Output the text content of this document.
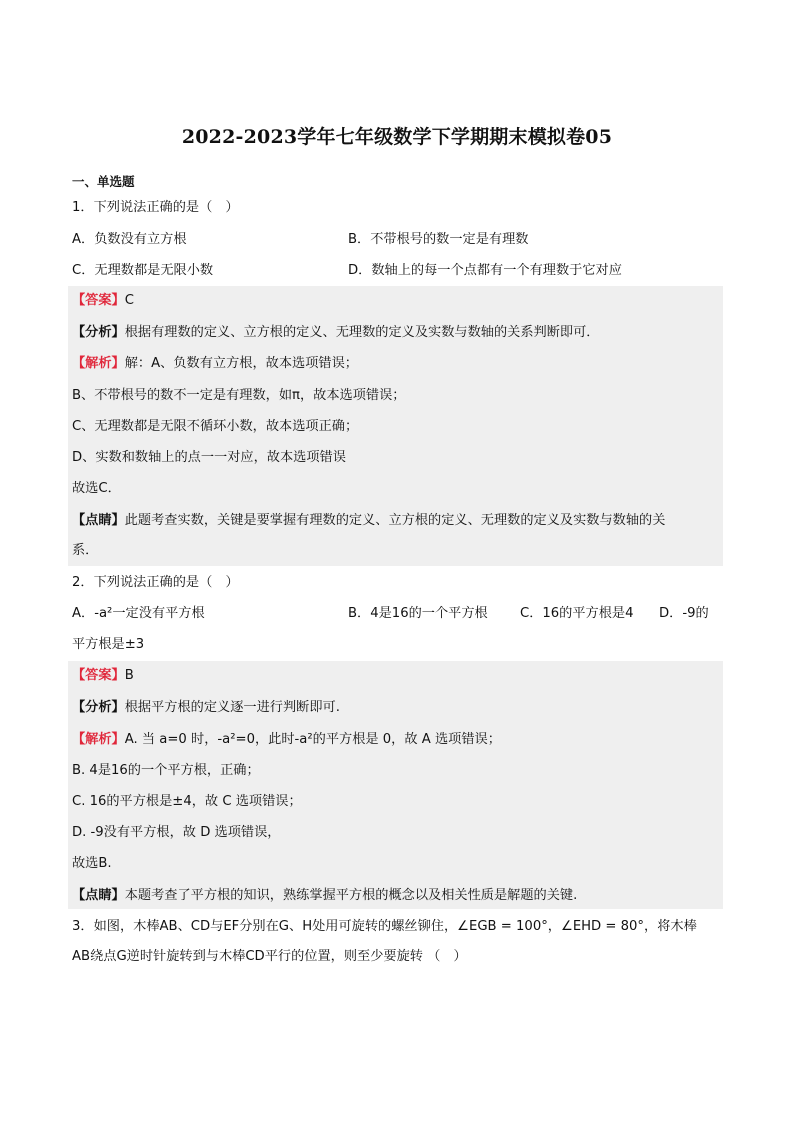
2022-2023学年七年级数学下学期期末模拟卷05
一、单选题
1．下列说法正确的是（　）
A．负数没有立方根	B．不带根号的数一定是有理数
C．无理数都是无限小数	D．数轴上的每一个点都有一个有理数于它对应
【答案】C
【分析】根据有理数的定义、立方根的定义、无理数的定义及实数与数轴的关系判断即可．
【解析】解：A、负数有立方根，故本选项错误；
B、不带根号的数不一定是有理数，如π，故本选项错误；
C、无理数都是无限不循环小数，故本选项正确；
D、实数和数轴上的点一一对应，故本选项错误
故选C．
【点睛】此题考查实数，关键是要掌握有理数的定义、立方根的定义、无理数的定义及实数与数轴的关
系．
2．下列说法正确的是（　）
A．-a²一定没有平方根	B．4是16的一个平方根 C．16的平方根是4 D．-9的
平方根是±3
【答案】B
【分析】根据平方根的定义逐一进行判断即可.
【解析】A. 当 a=0 时，-a²=0，此时-a²的平方根是 0，故 A 选项错误；
B. 4是16的一个平方根，正确；
C. 16的平方根是±4，故 C 选项错误；
D. -9没有平方根，故 D 选项错误，
故选B.
【点睛】本题考查了平方根的知识，熟练掌握平方根的概念以及相关性质是解题的关键.
3．如图，木棒AB、CD与EF分别在G、H处用可旋转的螺丝铆住，∠EGB = 100°，∠EHD = 80°，将木棒
AB绕点G逆时针旋转到与木棒CD平行的位置，则至少要旋转 （　）
